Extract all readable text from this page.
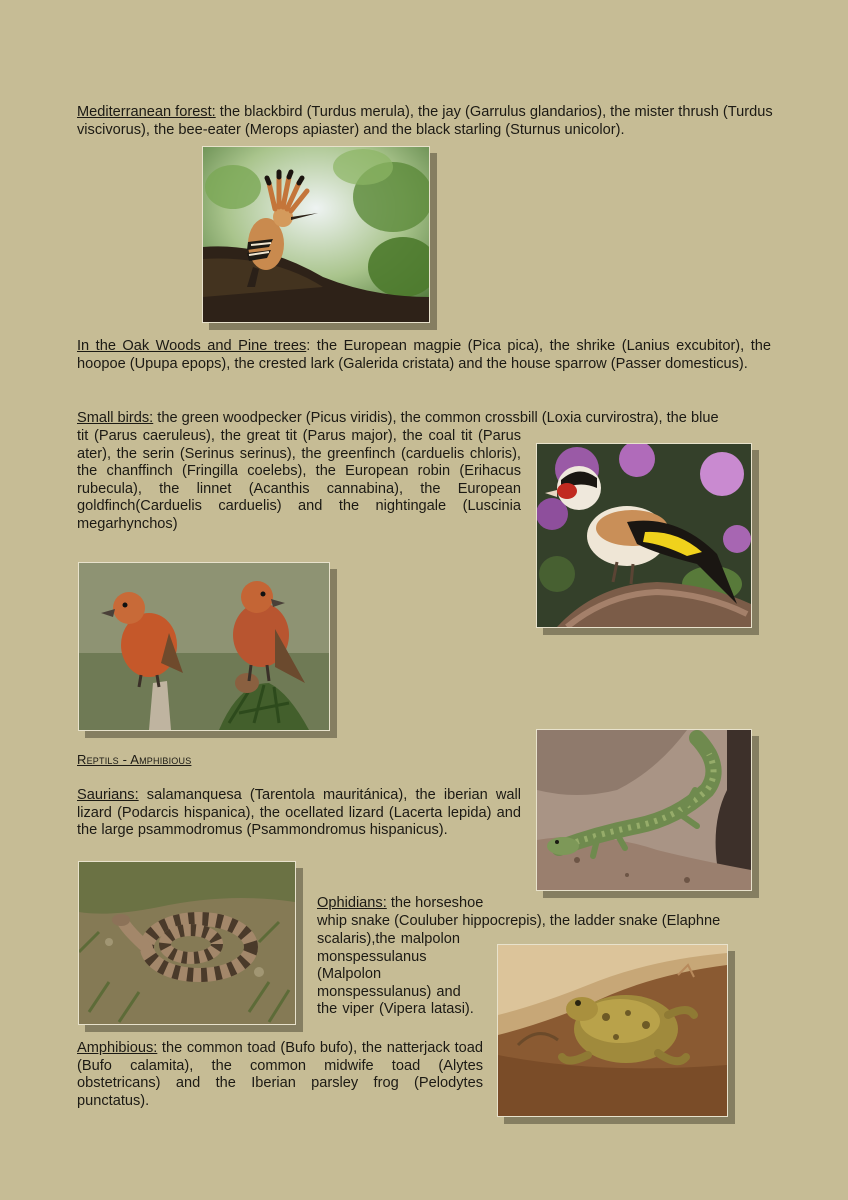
Mediterranean forest: the blackbird (Turdus merula), the jay (Garrulus glandarios), the mister thrush (Turdus viscivorus), the bee-eater (Merops apiaster) and the black starling (Sturnus unicolor).

In the Oak Woods and Pine trees: the European magpie (Pica pica), the shrike (Lanius excubitor), the hoopoe (Upupa epops), the crested lark (Galerida cristata) and the house sparrow (Passer domesticus).

Small birds: the green woodpecker (Picus viridis), the common crossbill (Loxia curvirostra), the blue

tit (Parus caeruleus), the great tit (Parus major), the coal tit (Parus ater), the serin (Serinus serinus), the greenfinch (carduelis chloris), the chanffinch (Fringilla coelebs), the European robin (Erihacus rubecula), the linnet (Acanthis cannabina), the European goldfinch(Carduelis carduelis) and the nightingale (Luscinia megarhynchos)

Reptils - Amphibious

Saurians: salamanquesa (Tarentola mauritánica), the iberian wall lizard (Podarcis hispanica), the ocellated lizard (Lacerta lepida) and the large psammodromus (Psammondromus hispanicus).

Ophidians: the horseshoe

whip snake (Couluber hippocrepis), the ladder snake (Elaphne

scalaris),the malpolon monspessulanus (Malpolon monspessulanus) and the viper (Vipera latasi).

Amphibious: the common toad (Bufo bufo), the natterjack toad (Bufo calamita), the common midwife toad (Alytes obstetricans) and the Iberian parsley frog (Pelodytes punctatus).
